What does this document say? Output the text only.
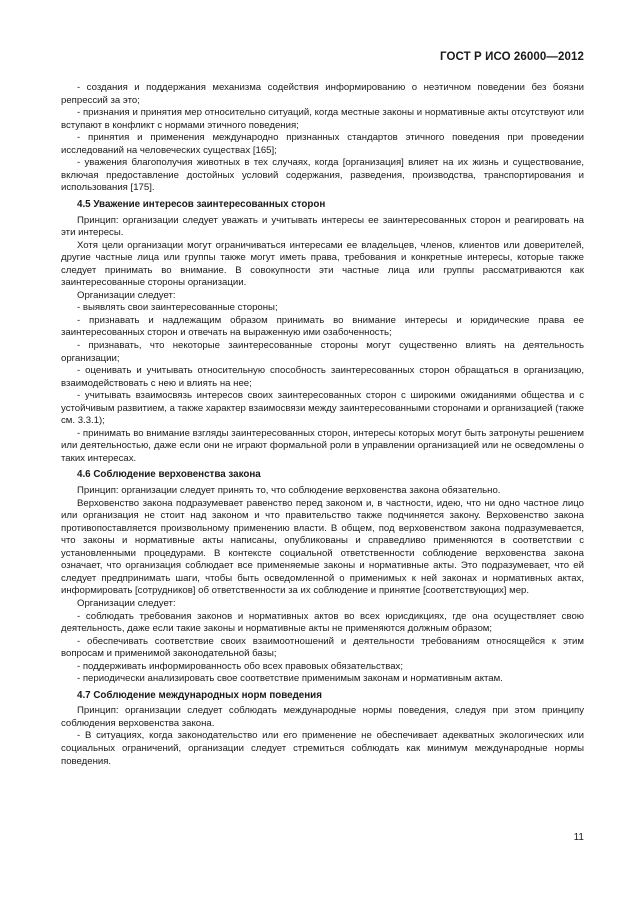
ГОСТ Р ИСО 26000—2012

- создания и поддержания механизма содействия информированию о неэтичном поведении без боязни репрессий за это;

- признания и принятия мер относительно ситуаций, когда местные законы и нормативные акты отсутствуют или вступают в конфликт с нормами этичного поведения;

- принятия и применения международно признанных стандартов этичного поведения при проведении исследований на человеческих существах [165];

- уважения благополучия животных в тех случаях, когда [организация] влияет на их жизнь и существование, включая предоставление достойных условий содержания, разведения, производства, транспортирования и использования [175].

4.5 Уважение интересов заинтересованных сторон

Принцип: организации следует уважать и учитывать интересы ее заинтересованных сторон и реагировать на эти интересы.

Хотя цели организации могут ограничиваться интересами ее владельцев, членов, клиентов или доверителей, другие частные лица или группы также могут иметь права, требования и конкретные интересы, которые также следует принимать во внимание. В совокупности эти частные лица или группы рассматриваются как заинтересованные стороны организации.

Организации следует:

- выявлять свои заинтересованные стороны;

- признавать и надлежащим образом принимать во внимание интересы и юридические права ее заинтересованных сторон и отвечать на выраженную ими озабоченность;

- признавать, что некоторые заинтересованные стороны могут существенно влиять на деятельность организации;

- оценивать и учитывать относительную способность заинтересованных сторон обращаться в организацию, взаимодействовать с нею и влиять на нее;

- учитывать взаимосвязь интересов своих заинтересованных сторон с широкими ожиданиями общества и с устойчивым развитием, а также характер взаимосвязи между заинтересованными сторонами и организацией (также см. 3.3.1);

- принимать во внимание взгляды заинтересованных сторон, интересы которых могут быть затронуты решением или деятельностью, даже если они не играют формальной роли в управлении организацией или не осведомлены о таких интересах.

4.6 Соблюдение верховенства закона

Принцип: организации следует принять то, что соблюдение верховенства закона обязательно.

Верховенство закона подразумевает равенство перед законом и, в частности, идею, что ни одно частное лицо или организация не стоит над законом и что правительство также подчиняется закону. Верховенство закона противопоставляется произвольному применению власти. В общем, под верховенством закона подразумевается, что законы и нормативные акты написаны, опубликованы и справедливо применяются в соответствии с установленными процедурами. В контексте социальной ответственности соблюдение верховенства закона означает, что организация соблюдает все применяемые законы и нормативные акты. Это подразумевает, что ей следует предпринимать шаги, чтобы быть осведомленной о применимых к ней законах и нормативных актах, информировать [сотрудников] об ответственности за их соблюдение и принятие [соответствующих] мер.

Организации следует:

- соблюдать требования законов и нормативных актов во всех юрисдикциях, где она осуществляет свою деятельность, даже если такие законы и нормативные акты не применяются должным образом;

- обеспечивать соответствие своих взаимоотношений и деятельности требованиям относящейся к этим вопросам и применимой законодательной базы;

- поддерживать информированность обо всех правовых обязательствах;

- периодически анализировать свое соответствие применимым законам и нормативным актам.

4.7 Соблюдение международных норм поведения

Принцип: организации следует соблюдать международные нормы поведения, следуя при этом принципу соблюдения верховенства закона.

- В ситуациях, когда законодательство или его применение не обеспечивает адекватных экологических или социальных ограничений, организации следует стремиться соблюдать как минимум международные нормы поведения.

11
